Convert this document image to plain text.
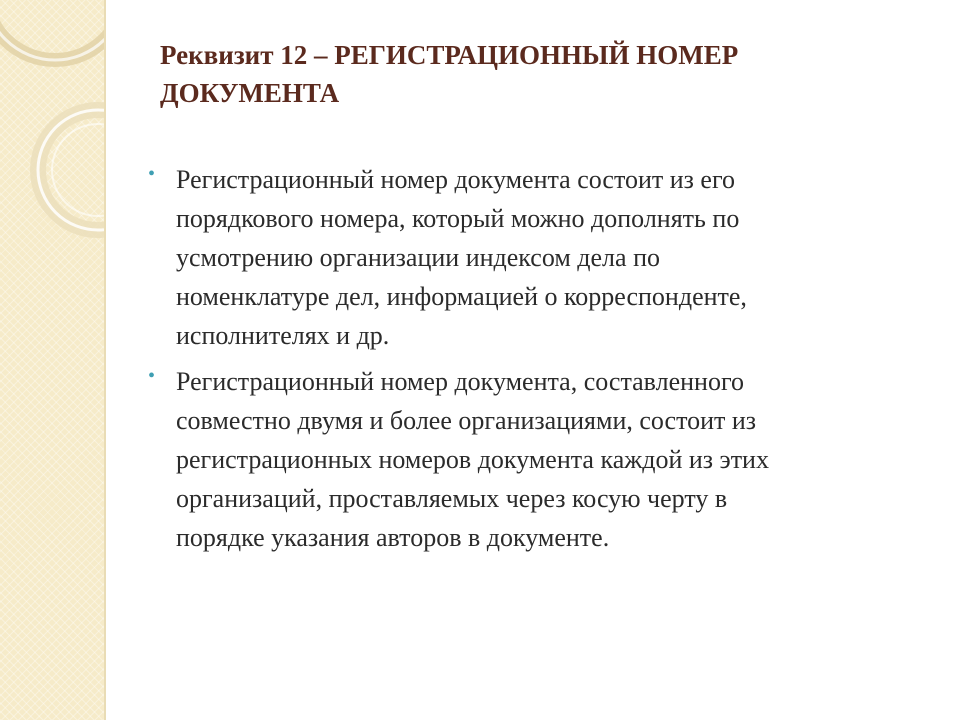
Реквизит 12 – РЕГИСТРАЦИОННЫЙ НОМЕР
ДОКУМЕНТА
• Регистрационный номер документа состоит из его
порядкового номера, который можно дополнять по
усмотрению организации индексом дела по
номенклатуре дел, информацией о корреспонденте,
исполнителях и др.
• Регистрационный номер документа, составленного
совместно двумя и более организациями, состоит из
регистрационных номеров документа каждой из этих
организаций, проставляемых через косую черту в
порядке указания авторов в документе.
